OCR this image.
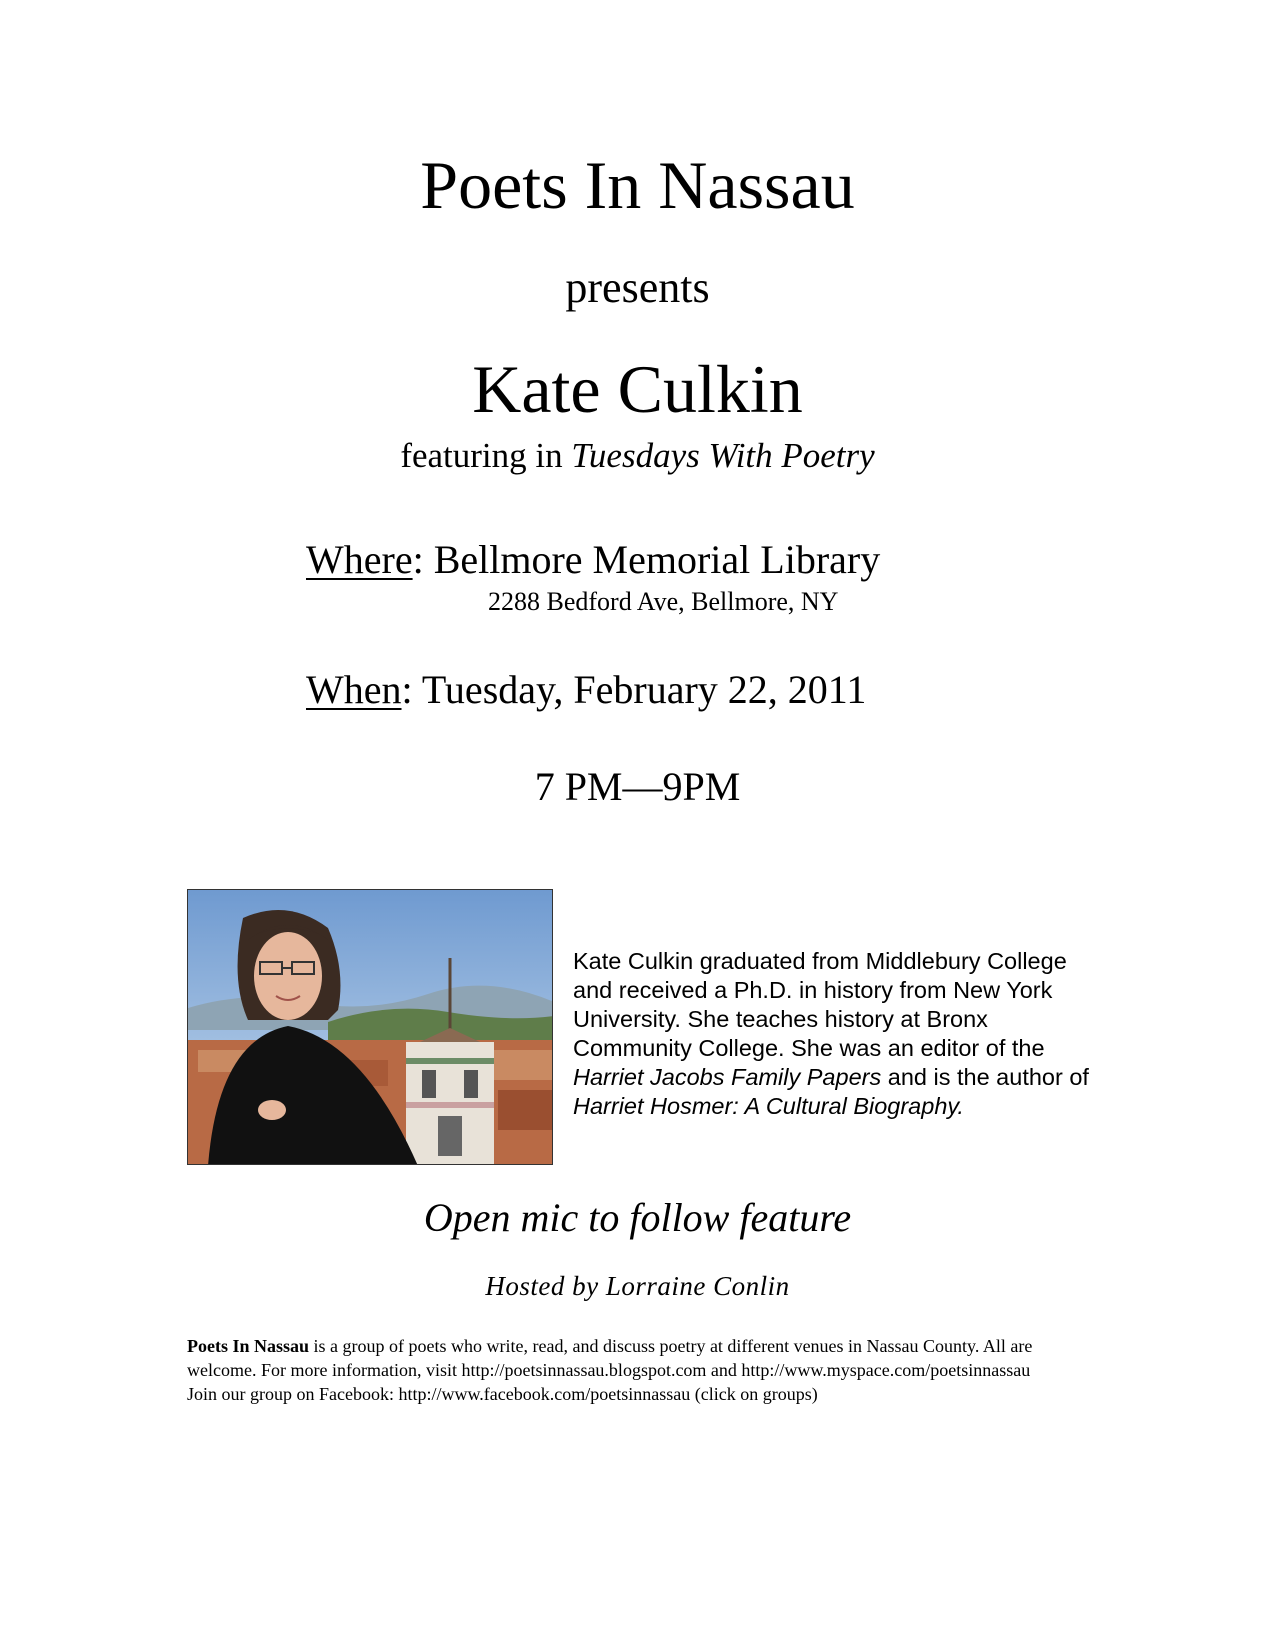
Poets In Nassau
presents
Kate Culkin
featuring in Tuesdays With Poetry
Where: Bellmore Memorial Library
2288 Bedford Ave, Bellmore, NY
When: Tuesday, February 22, 2011
7 PM—9PM
Kate Culkin graduated from Middlebury College and received a Ph.D. in history from New York University. She teaches history at Bronx Community College. She was an editor of the Harriet Jacobs Family Papers and is the author of Harriet Hosmer: A Cultural Biography.
Open mic to follow feature
Hosted by Lorraine Conlin
Poets In Nassau is a group of poets who write, read, and discuss poetry at different venues in Nassau County. All are welcome. For more information, visit http://poetsinnassau.blogspot.com and http://www.myspace.com/poetsinnassau
Join our group on Facebook: http://www.facebook.com/poetsinnassau (click on groups)
